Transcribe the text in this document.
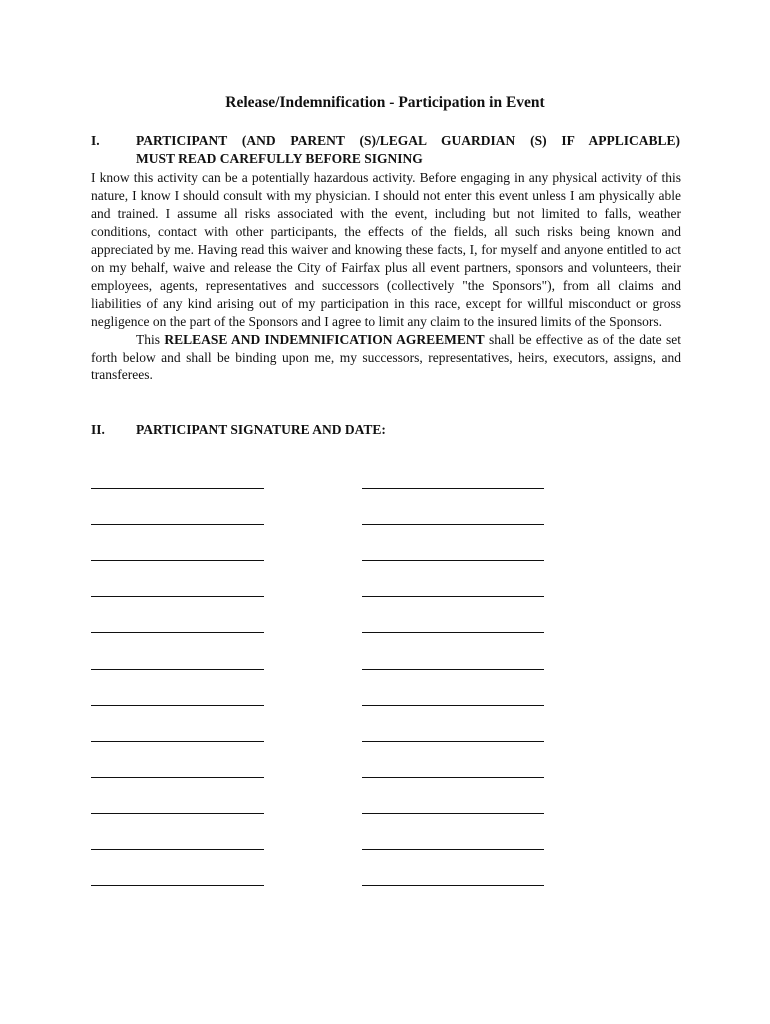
Release/Indemnification - Participation in Event
I.	PARTICIPANT (AND PARENT (S)/LEGAL GUARDIAN (S) IF APPLICABLE)
MUST READ CAREFULLY BEFORE SIGNING

I know this activity can be a potentially hazardous activity. Before engaging in any physical activity of this nature, I know I should consult with my physician. I should not enter this event unless I am physically able and trained. I assume all risks associated with the event, including but not limited to falls, weather conditions, contact with other participants, the effects of the fields, all such risks being known and appreciated by me. Having read this waiver and knowing these facts, I, for myself and anyone entitled to act on my behalf, waive and release the City of Fairfax plus all event partners, sponsors and volunteers, their employees, agents, representatives and successors (collectively "the Sponsors"), from all claims and liabilities of any kind arising out of my participation in this race, except for willful misconduct or gross negligence on the part of the Sponsors and I agree to limit any claim to the insured limits of the Sponsors.

This RELEASE AND INDEMNIFICATION AGREEMENT shall be effective as of the date set forth below and shall be binding upon me, my successors, representatives, heirs, executors, assigns, and transferees.

II. PARTICIPANT SIGNATURE AND DATE:
